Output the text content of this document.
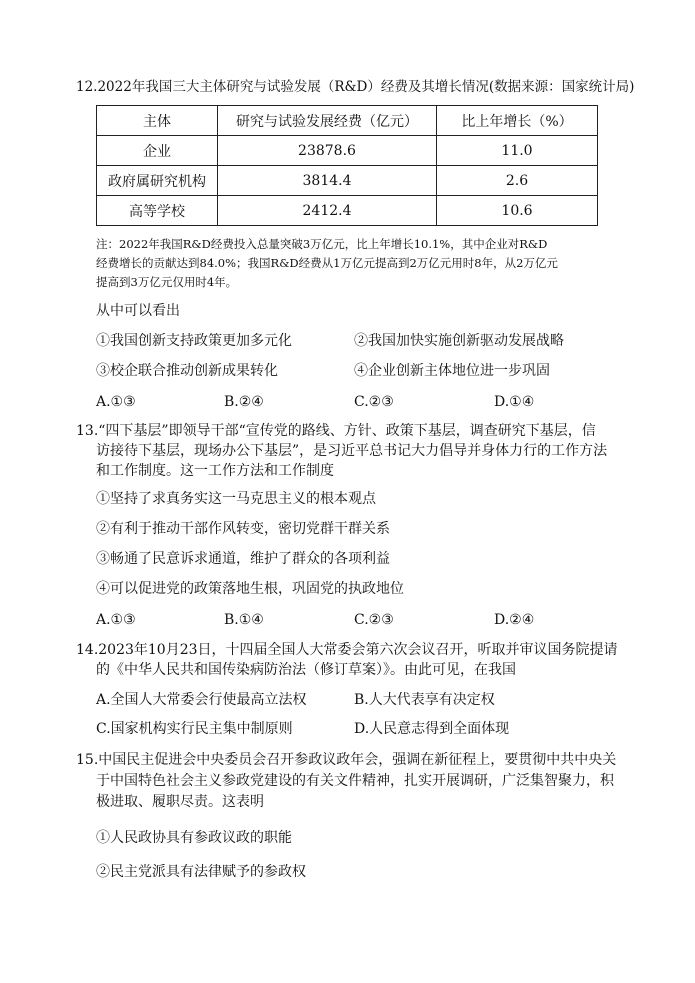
12.2022年我国三大主体研究与试验发展（R&D）经费及其增长情况(数据来源：国家统计局)
主体	研究与试验发展经费（亿元）	比上年增长（%）
企业	23878.6	11.0
政府属研究机构	3814.4	2.6
高等学校	2412.4	10.6
注：2022年我国R&D经费投入总量突破3万亿元，比上年增长10.1%，其中企业对R&D
经费增长的贡献达到84.0%；我国R&D经费从1万亿元提高到2万亿元用时8年，从2万亿元
提高到3万亿元仅用时4年。
从中可以看出
①我国创新支持政策更加多元化	②我国加快实施创新驱动发展战略
③校企联合推动创新成果转化	④企业创新主体地位进一步巩固
A.①③	B.②④	C.②③	D.①④
13.“四下基层”即领导干部“宣传党的路线、方针、政策下基层，调查研究下基层，信
访接待下基层，现场办公下基层”，是习近平总书记大力倡导并身体力行的工作方法
和工作制度。这一工作方法和工作制度
①坚持了求真务实这一马克思主义的根本观点
②有利于推动干部作风转变，密切党群干群关系
③畅通了民意诉求通道，维护了群众的各项利益
④可以促进党的政策落地生根，巩固党的执政地位
A.①③	B.①④	C.②③	D.②④
14.2023年10月23日，十四届全国人大常委会第六次会议召开，听取并审议国务院提请
的《中华人民共和国传染病防治法（修订草案）》。由此可见，在我国
A.全国人大常委会行使最高立法权	B.人大代表享有决定权
C.国家机构实行民主集中制原则	D.人民意志得到全面体现
15.中国民主促进会中央委员会召开参政议政年会，强调在新征程上，要贯彻中共中央关
于中国特色社会主义参政党建设的有关文件精神，扎实开展调研，广泛集智聚力，积
极进取、履职尽责。这表明
①人民政协具有参政议政的职能
②民主党派具有法律赋予的参政权
